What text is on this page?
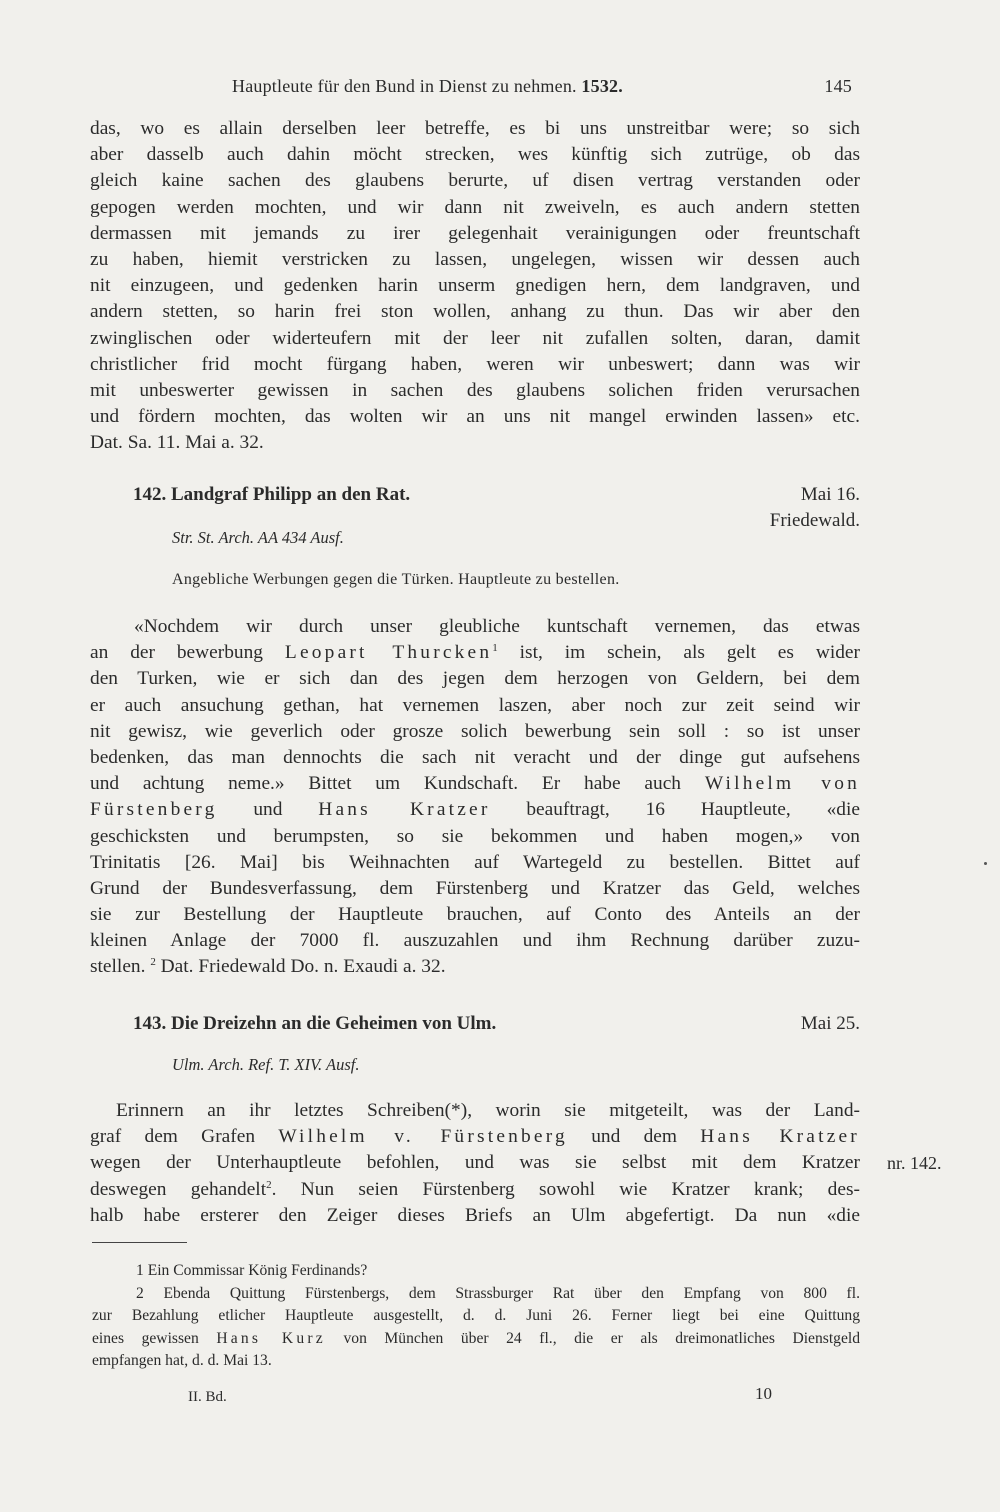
Hauptleute für den Bund in Dienst zu nehmen. 1532.	145
das, wo es allain derselben leer betreffe, es bi uns unstreitbar were; so sich
aber dasselb auch dahin möcht strecken, wes künftig sich zutrüge, ob das
gleich kaine sachen des glaubens berurte, uf disen vertrag verstanden oder
gepogen werden mochten, und wir dann nit zweiveln, es auch andern stetten
dermassen mit jemands zu irer gelegenhait verainigungen oder freuntschaft
zu haben, hiemit verstricken zu lassen, ungelegen, wissen wir dessen auch
nit einzugeen, und gedenken harin unserm gnedigen hern, dem landgraven, und
andern stetten, so harin frei ston wollen, anhang zu thun. Das wir aber den
zwinglischen oder widerteufern mit der leer nit zufallen solten, daran, damit
christlicher frid mocht fürgang haben, weren wir unbeswert; dann was wir
mit unbeswerter gewissen in sachen des glaubens solichen friden verursachen
und fördern mochten, das wolten wir an uns nit mangel erwinden lassen» etc.
Dat. Sa. 11. Mai a. 32.
142. Landgraf Philipp an den Rat.	Mai 16.
Friedewald.
Str. St. Arch. AA 434 Ausf.
Angebliche Werbungen gegen die Türken. Hauptleute zu bestellen.
«Nochdem wir durch unser gleubliche kuntschaft vernemen, das etwas
an der bewerbung Leopart Thurcken$^1$ ist, im schein, als gelt es wider
den Turken, wie er sich dan des jegen dem herzogen von Geldern, bei dem
er auch ansuchung gethan, hat vernemen laszen, aber noch zur zeit seind wir
nit gewisz, wie geverlich oder grosze solich bewerbung sein soll : so ist unser
bedenken, das man dennochts die sach nit veracht und der dinge gut aufsehens
und achtung neme.» Bittet um Kundschaft. Er habe auch Wilhelm von
Fürstenberg und Hans Kratzer beauftragt, 16 Hauptleute, «die
geschicksten und berumpsten, so sie bekommen und haben mogen,» von
Trinitatis [26. Mai] bis Weihnachten auf Wartegeld zu bestellen. Bittet auf
Grund der Bundesverfassung, dem Fürstenberg und Kratzer das Geld, welches
sie zur Bestellung der Hauptleute brauchen, auf Conto des Anteils an der
kleinen Anlage der 7000 fl. auszuzahlen und ihm Rechnung darüber zuzu-
stellen. $^2$ Dat. Friedewald Do. n. Exaudi a. 32.
143. Die Dreizehn an die Geheimen von Ulm.	Mai 25.
Ulm. Arch. Ref. T. XIV. Ausf.
Erinnern an ihr letztes Schreiben(*), worin sie mitgeteilt, was der Land-
graf dem Grafen Wilhelm v. Fürstenberg und dem Hans Kratzer
wegen der Unterhauptleute befohlen, und was sie selbst mit dem Kratzer
deswegen gehandelt$^2$. Nun seien Fürstenberg sowohl wie Kratzer krank; des-
halb habe ersterer den Zeiger dieses Briefs an Ulm abgefertigt. Da nun «die
nr. 142.
1 Ein Commissar König Ferdinands?
2 Ebenda Quittung Fürstenbergs, dem Strassburger Rat über den Empfang von 800 fl.
zur Bezahlung etlicher Hauptleute ausgestellt, d. d. Juni 26. Ferner liegt bei eine Quittung
eines gewissen Hans Kurz von München über 24 fl., die er als dreimonatliches Dienstgeld
empfangen hat, d. d. Mai 13.
II. Bd.	10
